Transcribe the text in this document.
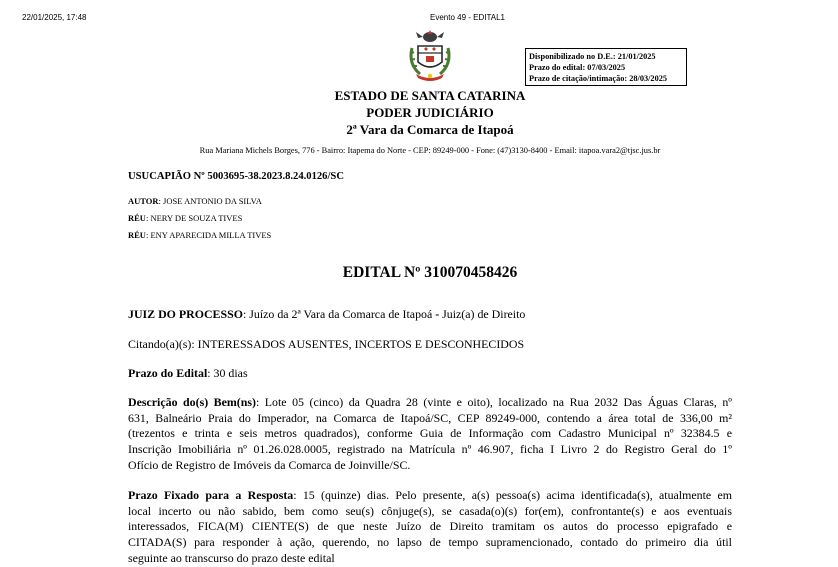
22/01/2025, 17:48	Evento 49 - EDITAL1
Disponibilizado no D.E.: 21/01/2025
Prazo do edital: 07/03/2025
Prazo de citação/intimação: 28/03/2025
ESTADO DE SANTA CATARINA
PODER JUDICIÁRIO
2ª Vara da Comarca de Itapoá
Rua Mariana Michels Borges, 776 - Bairro: Itapema do Norte - CEP: 89249-000 - Fone: (47)3130-8400 - Email: itapoa.vara2@tjsc.jus.br
USUCAPIÃO Nº 5003695-38.2023.8.24.0126/SC
AUTOR: JOSE ANTONIO DA SILVA
RÉU: NERY DE SOUZA TIVES
RÉU: ENY APARECIDA MILLA TIVES
EDITAL Nº 310070458426
JUIZ DO PROCESSO: Juízo da 2ª Vara da Comarca de Itapoá - Juiz(a) de Direito
Citando(a)(s): INTERESSADOS AUSENTES, INCERTOS E DESCONHECIDOS
Prazo do Edital: 30 dias
Descrição do(s) Bem(ns): Lote 05 (cinco) da Quadra 28 (vinte e oito), localizado na Rua 2032 Das Águas Claras, nº
631, Balneário Praia do Imperador, na Comarca de Itapoá/SC, CEP 89249-000, contendo a área total de 336,00 m²
(trezentos e trinta e seis metros quadrados), conforme Guia de Informação com Cadastro Municipal nº 32384.5 e
Inscrição Imobiliária nº 01.26.028.0005, registrado na Matrícula nº 46.907, ficha I Livro 2 do Registro Geral do 1º
Ofício de Registro de Imóveis da Comarca de Joinville/SC.
Prazo Fixado para a Resposta: 15 (quinze) dias. Pelo presente, a(s) pessoa(s) acima identificada(s), atualmente em
local incerto ou não sabido, bem como seu(s) cônjuge(s), se casada(o)(s) for(em), confrontante(s) e aos eventuais
interessados, FICA(M) CIENTE(S) de que neste Juízo de Direito tramitam os autos do processo epigrafado e
CITADA(S) para responder à ação, querendo, no lapso de tempo supramencionado, contado do primeiro dia útil
seguinte ao transcurso do prazo deste edital
